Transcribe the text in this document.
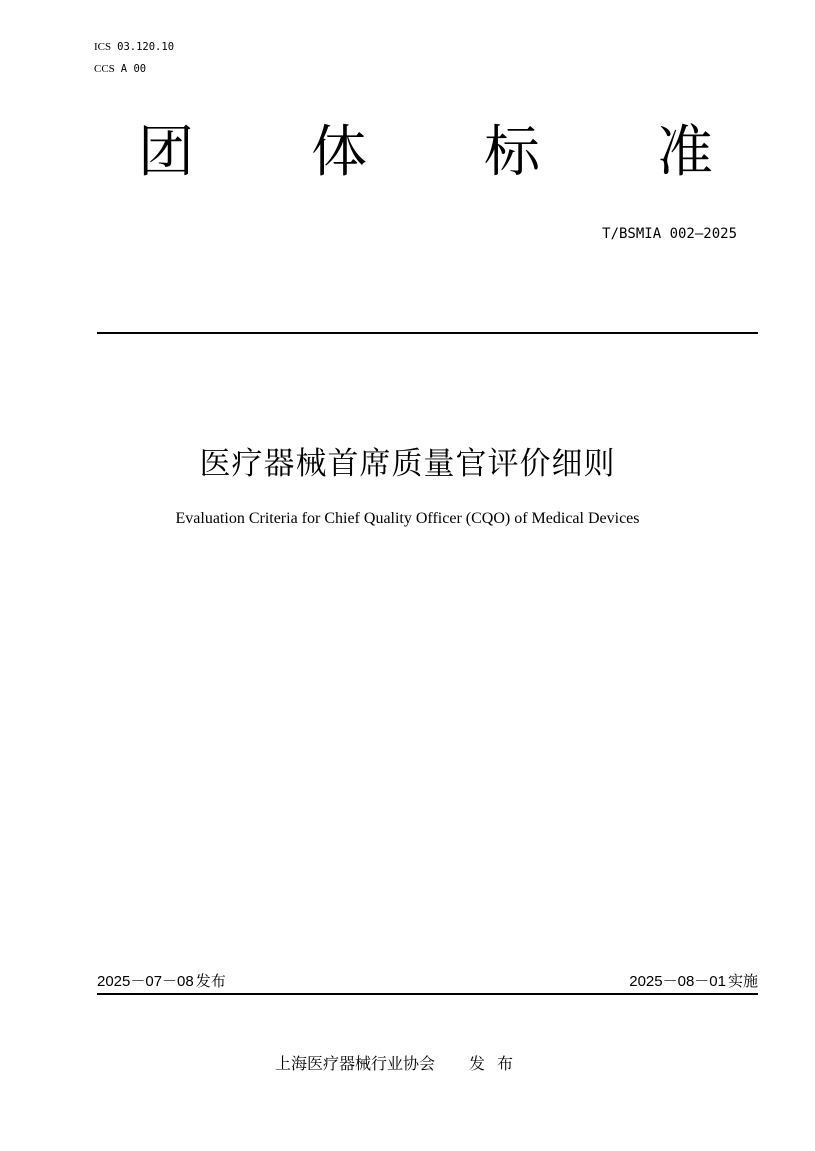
ICS 03.120.10
CCS A 00
团	体	标	准
T/BSMIA 002—2025
医疗器械首席质量官评价细则
Evaluation Criteria for Chief Quality Officer (CQO) of Medical Devices
2025－07－08 发布	2025－08－01 实施
上海医疗器械行业协会 发布
